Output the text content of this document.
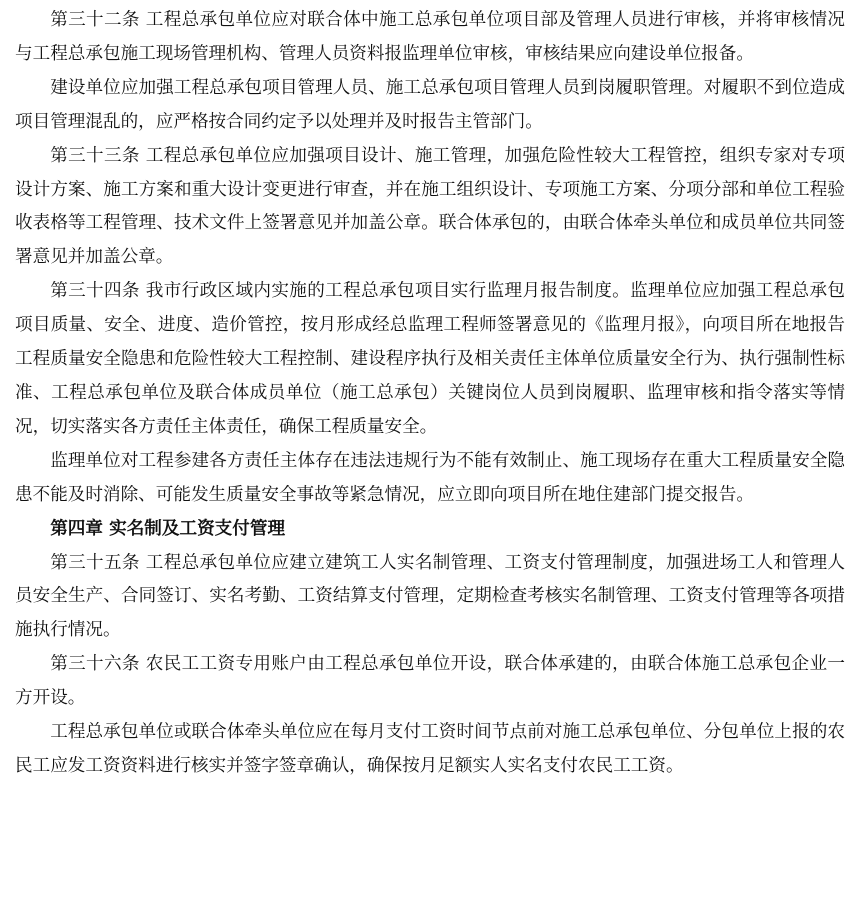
第三十二条 工程总承包单位应对联合体中施工总承包单位项目部及管理人员进行审核，并将审核情况与工程总承包施工现场管理机构、管理人员资料报监理单位审核，审核结果应向建设单位报备。

建设单位应加强工程总承包项目管理人员、施工总承包项目管理人员到岗履职管理。对履职不到位造成项目管理混乱的，应严格按合同约定予以处理并及时报告主管部门。

第三十三条 工程总承包单位应加强项目设计、施工管理，加强危险性较大工程管控，组织专家对专项设计方案、施工方案和重大设计变更进行审查，并在施工组织设计、专项施工方案、分项分部和单位工程验收表格等工程管理、技术文件上签署意见并加盖公章。联合体承包的，由联合体牵头单位和成员单位共同签署意见并加盖公章。

第三十四条 我市行政区域内实施的工程总承包项目实行监理月报告制度。监理单位应加强工程总承包项目质量、安全、进度、造价管控，按月形成经总监理工程师签署意见的《监理月报》，向项目所在地报告工程质量安全隐患和危险性较大工程控制、建设程序执行及相关责任主体单位质量安全行为、执行强制性标准、工程总承包单位及联合体成员单位（施工总承包）关键岗位人员到岗履职、监理审核和指令落实等情况，切实落实各方责任主体责任，确保工程质量安全。

监理单位对工程参建各方责任主体存在违法违规行为不能有效制止、施工现场存在重大工程质量安全隐患不能及时消除、可能发生质量安全事故等紧急情况，应立即向项目所在地住建部门提交报告。

第四章 实名制及工资支付管理

第三十五条 工程总承包单位应建立建筑工人实名制管理、工资支付管理制度，加强进场工人和管理人员安全生产、合同签订、实名考勤、工资结算支付管理，定期检查考核实名制管理、工资支付管理等各项措施执行情况。

第三十六条 农民工工资专用账户由工程总承包单位开设，联合体承建的，由联合体施工总承包企业一方开设。

工程总承包单位或联合体牵头单位应在每月支付工资时间节点前对施工总承包单位、分包单位上报的农民工应发工资资料进行核实并签字签章确认，确保按月足额实人实名支付农民工工资。
